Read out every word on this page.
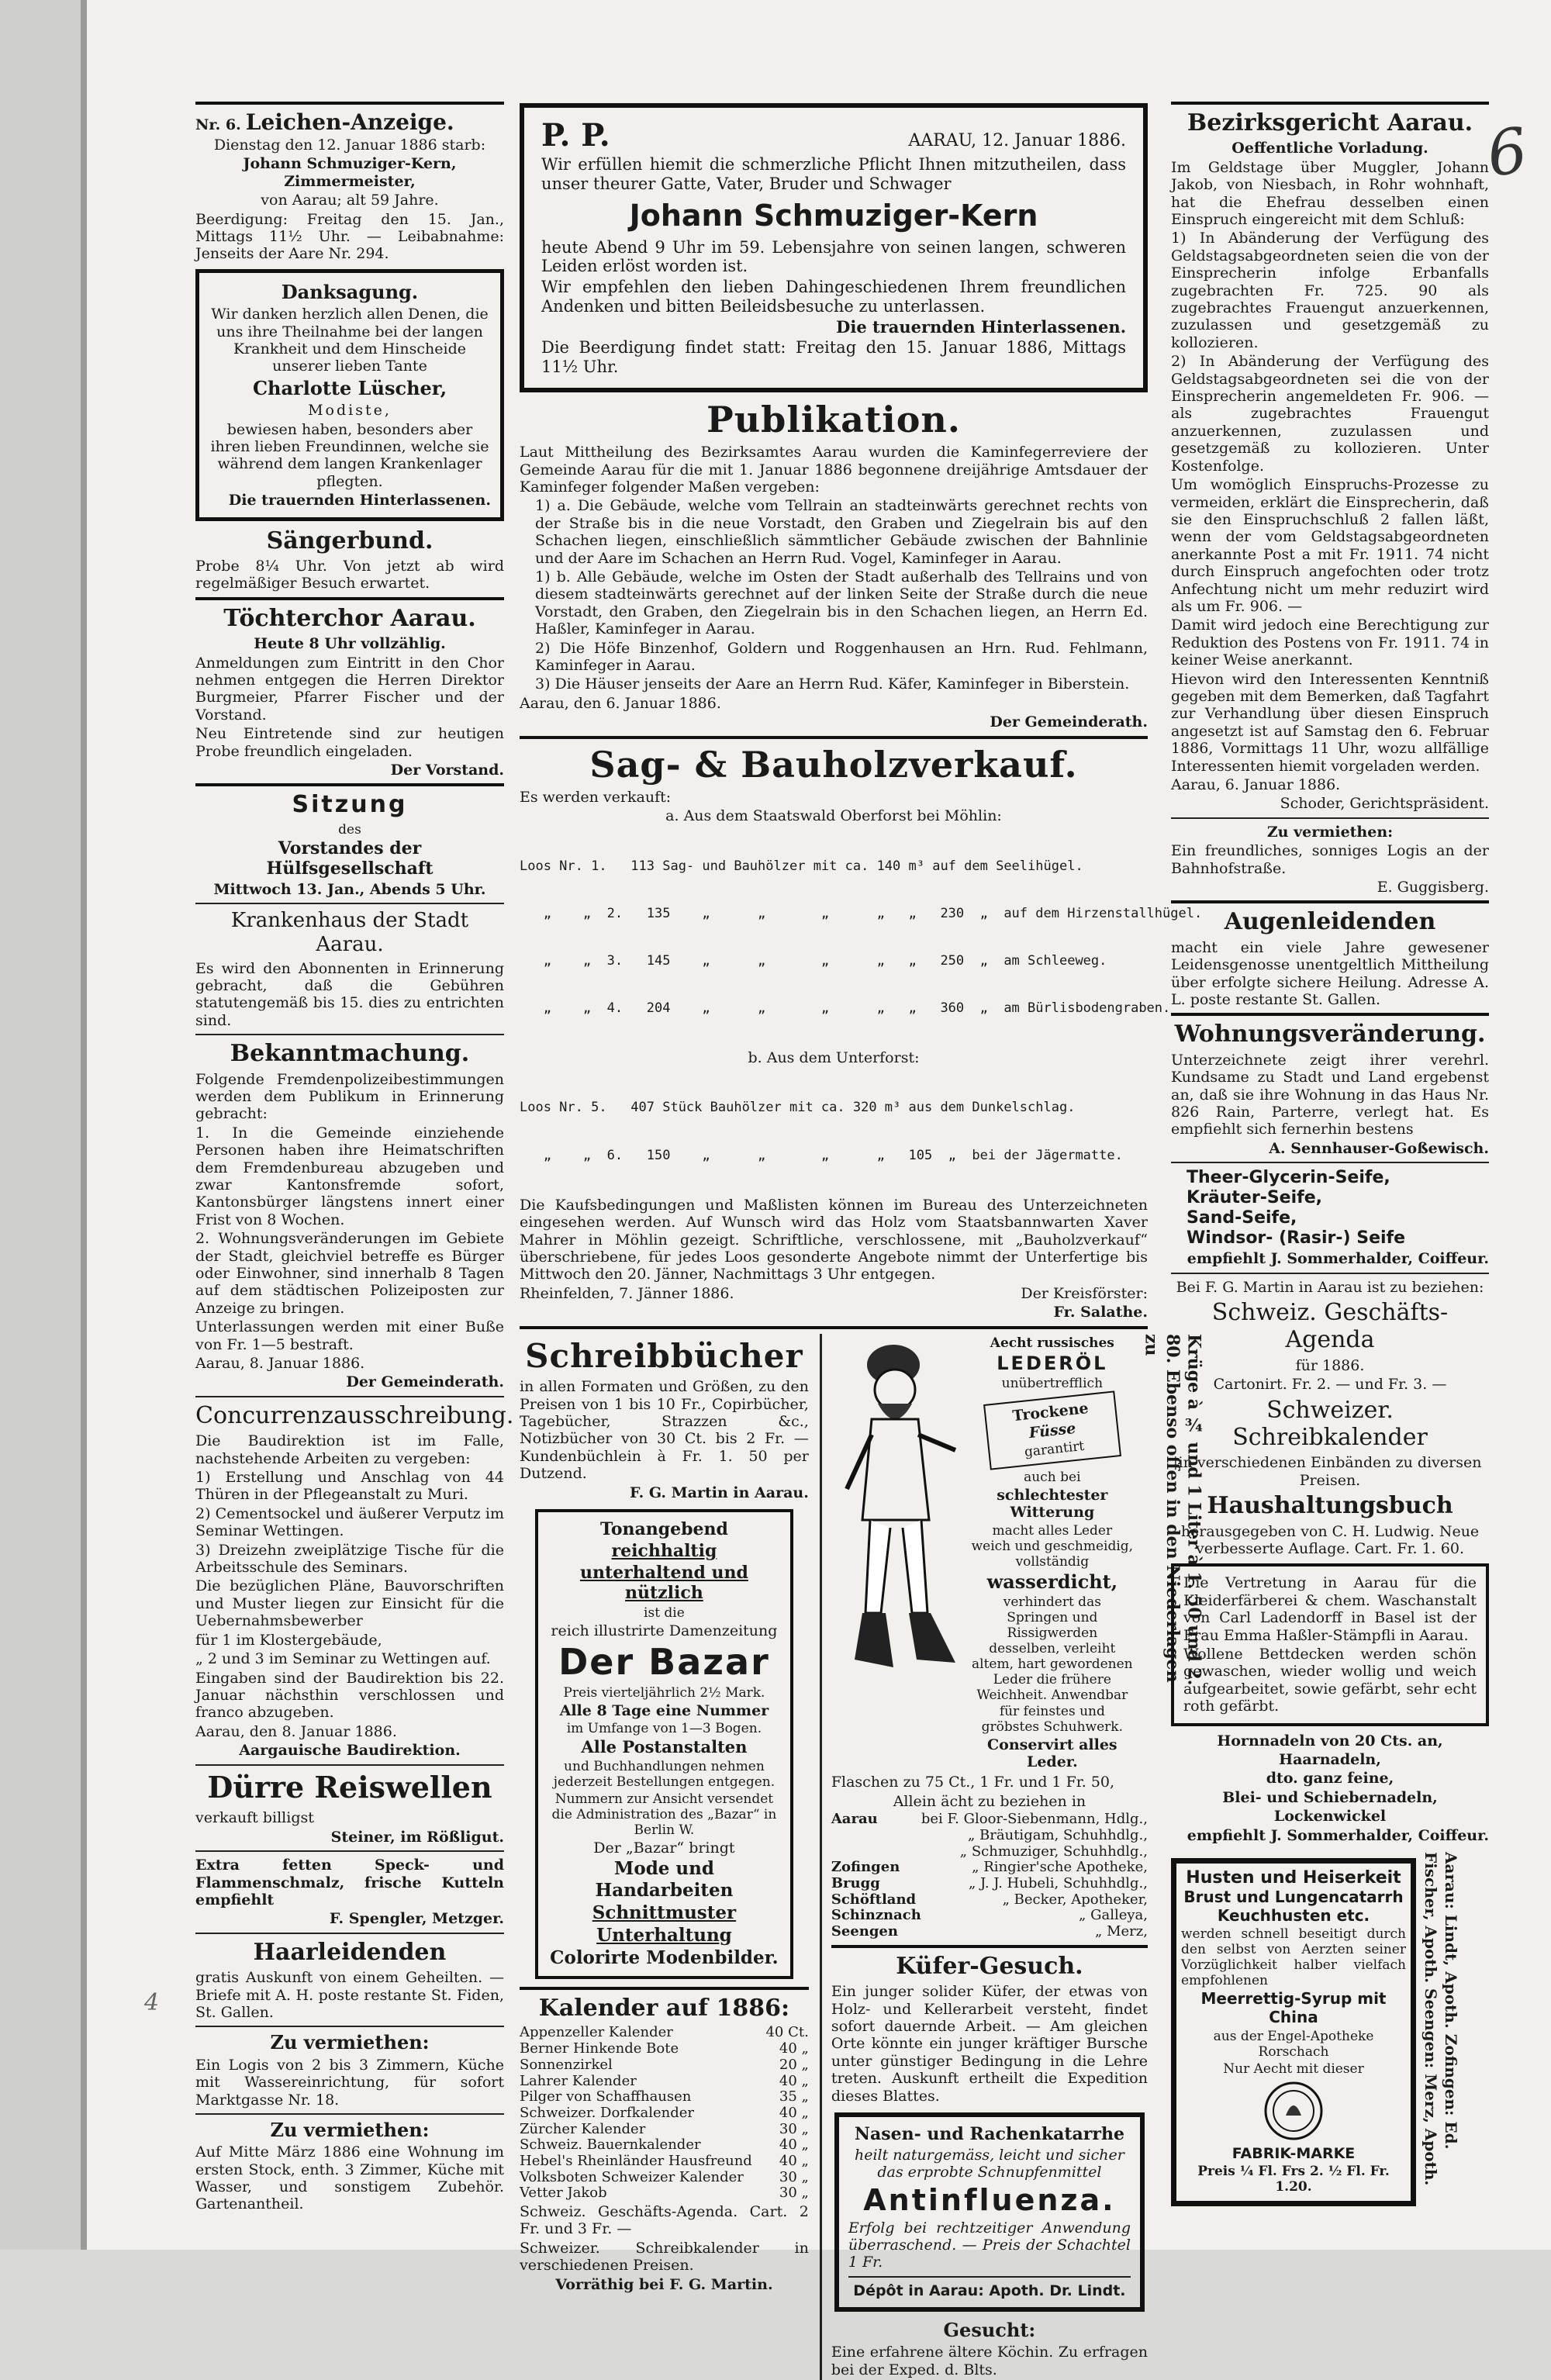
6
4

Nr. 6. Leichen-Anzeige.

Dienstag den 12. Januar 1886 starb:

Johann Schmuziger-Kern, Zimmermeister,

von Aarau; alt 59 Jahre.

Beerdigung: Freitag den 15. Jan., Mittags 11½ Uhr. — Leibabnahme: Jenseits der Aare Nr. 294.

Danksagung.

Wir danken herzlich allen Denen, die uns ihre Theilnahme bei der langen Krankheit und dem Hinscheide unserer lieben Tante

Charlotte Lüscher,

Modiste,

bewiesen haben, besonders aber ihren lieben Freundinnen, welche sie während dem langen Krankenlager pflegten.

Die trauernden Hinterlassenen.

Sängerbund.

Probe 8¼ Uhr. Von jetzt ab wird regelmäßiger Besuch erwartet.

Töchterchor Aarau.

Heute 8 Uhr vollzählig.

Anmeldungen zum Eintritt in den Chor nehmen entgegen die Herren Direktor Burgmeier, Pfarrer Fischer und der Vorstand.

Neu Eintretende sind zur heutigen Probe freundlich eingeladen.

Der Vorstand.

Sitzung

des

Vorstandes der Hülfsgesellschaft

Mittwoch 13. Jan., Abends 5 Uhr.

Krankenhaus der Stadt Aarau.

Es wird den Abonnenten in Erinnerung gebracht, daß die Gebühren statutengemäß bis 15. dies zu entrichten sind.

Bekanntmachung.

Folgende Fremdenpolizeibestimmungen werden dem Publikum in Erinnerung gebracht:

1. In die Gemeinde einziehende Personen haben ihre Heimatschriften dem Fremdenbureau abzugeben und zwar Kantonsfremde sofort, Kantonsbürger längstens innert einer Frist von 8 Wochen.

2. Wohnungsveränderungen im Gebiete der Stadt, gleichviel betreffe es Bürger oder Einwohner, sind innerhalb 8 Tagen auf dem städtischen Polizeiposten zur Anzeige zu bringen.

Unterlassungen werden mit einer Buße von Fr. 1—5 bestraft.

Aarau, 8. Januar 1886.

Der Gemeinderath.

Concurrenzausschreibung.

Die Baudirektion ist im Falle, nachstehende Arbeiten zu vergeben:

1) Erstellung und Anschlag von 44 Thüren in der Pflegeanstalt zu Muri.

2) Cementsockel und äußerer Verputz im Seminar Wettingen.

3) Dreizehn zweiplätzige Tische für die Arbeitsschule des Seminars.

Die bezüglichen Pläne, Bauvorschriften und Muster liegen zur Einsicht für die Uebernahmsbewerber

für 1 im Klostergebäude,

„ 2 und 3 im Seminar zu Wettingen auf.

Eingaben sind der Baudirektion bis 22. Januar nächsthin verschlossen und franco abzugeben.

Aarau, den 8. Januar 1886.

Aargauische Baudirektion.

Dürre Reiswellen

verkauft billigst

Steiner, im Rößligut.

Extra fetten Speck- und Flammenschmalz, frische Kutteln empfiehlt

F. Spengler, Metzger.

Haarleidenden

gratis Auskunft von einem Geheilten. — Briefe mit A. H. poste restante St. Fiden, St. Gallen.

Zu vermiethen:

Ein Logis von 2 bis 3 Zimmern, Küche mit Wassereinrichtung, für sofort Marktgasse Nr. 18.

Zu vermiethen:

Auf Mitte März 1886 eine Wohnung im ersten Stock, enth. 3 Zimmer, Küche mit Wasser, und sonstigem Zubehör. Gartenantheil.

P. P.	AARAU, 12. Januar 1886.

Wir erfüllen hiemit die schmerzliche Pflicht Ihnen mitzutheilen, dass unser theurer Gatte, Vater, Bruder und Schwager

Johann Schmuziger-Kern

heute Abend 9 Uhr im 59. Lebensjahre von seinen langen, schweren Leiden erlöst worden ist.

Wir empfehlen den lieben Dahingeschiedenen Ihrem freundlichen Andenken und bitten Beileidsbesuche zu unterlassen.

Die trauernden Hinterlassenen.

Die Beerdigung findet statt: Freitag den 15. Januar 1886, Mittags 11½ Uhr.

Publikation.

Laut Mittheilung des Bezirksamtes Aarau wurden die Kaminfegerreviere der Gemeinde Aarau für die mit 1. Januar 1886 begonnene dreijährige Amtsdauer der Kaminfeger folgender Maßen vergeben:

1) a. Die Gebäude, welche vom Tellrain an stadteinwärts gerechnet rechts von der Straße bis in die neue Vorstadt, den Graben und Ziegelrain bis auf den Schachen liegen, einschließlich sämmtlicher Gebäude zwischen der Bahnlinie und der Aare im Schachen an Herrn Rud. Vogel, Kaminfeger in Aarau.

1) b. Alle Gebäude, welche im Osten der Stadt außerhalb des Tellrains und von diesem stadteinwärts gerechnet auf der linken Seite der Straße durch die neue Vorstadt, den Graben, den Ziegelrain bis in den Schachen liegen, an Herrn Ed. Haßler, Kaminfeger in Aarau.

2) Die Höfe Binzenhof, Goldern und Roggenhausen an Hrn. Rud. Fehlmann, Kaminfeger in Aarau.

3) Die Häuser jenseits der Aare an Herrn Rud. Käfer, Kaminfeger in Biberstein.

Aarau, den 6. Januar 1886.

Der Gemeinderath.

Sag- & Bauholzverkauf.

Es werden verkauft:

a. Aus dem Staatswald Oberforst bei Möhlin:

Loos Nr. 1.   113 Sag- und Bauhölzer mit ca. 140 m³ auf dem Seelihügel.

„    „  2.   135    „      „       „      „   „   230  „  auf dem Hirzenstallhügel.

„    „  3.   145    „      „       „      „   „   250  „  am Schleeweg.

„    „  4.   204    „      „       „      „   „   360  „  am Bürlisbodengraben.

b. Aus dem Unterforst:

Loos Nr. 5.   407 Stück Bauhölzer mit ca. 320 m³ aus dem Dunkelschlag.

„    „  6.   150    „      „       „      „   105  „  bei der Jägermatte.

Die Kaufsbedingungen und Maßlisten können im Bureau des Unterzeichneten eingesehen werden. Auf Wunsch wird das Holz vom Staatsbannwarten Xaver Mahrer in Möhlin gezeigt. Schriftliche, verschlossene, mit „Bauholzverkauf“ überschriebene, für jedes Loos gesonderte Angebote nimmt der Unterfertige bis Mittwoch den 20. Jänner, Nachmittags 3 Uhr entgegen.

Rheinfelden, 7. Jänner 1886.	Der Kreisförster:

Fr. Salathe.

Schreibbücher

in allen Formaten und Größen, zu den Preisen von 1 bis 10 Fr., Copirbücher, Tagebücher, Strazzen &c., Notizbücher von 30 Ct. bis 2 Fr. — Kundenbüchlein à Fr. 1. 50 per Dutzend.

F. G. Martin in Aarau.

Tonangebend

reichhaltig

unterhaltend und nützlich

ist die

reich illustrirte Damenzeitung

Der Bazar

Preis vierteljährlich 2½ Mark.

Alle 8 Tage eine Nummer

im Umfange von 1—3 Bogen.

Alle Postanstalten

und Buchhandlungen nehmen jederzeit Bestellungen entgegen.

Nummern zur Ansicht versendet die Administration des „Bazar“ in Berlin W.

Der „Bazar“ bringt

Mode und Handarbeiten

Schnittmuster

Unterhaltung

Colorirte Modenbilder.

Kalender auf 1886:
Appenzeller Kalender	40 Ct.
Berner Hinkende Bote	40 „
Sonnenzirkel	20 „
Lahrer Kalender	40 „
Pilger von Schaffhausen	35 „
Schweizer. Dorfkalender	40 „
Zürcher Kalender	30 „
Schweiz. Bauernkalender	40 „
Hebel's Rheinländer Hausfreund 40 „
Volksboten Schweizer Kalender	30 „
Vetter Jakob	30 „

Schweiz. Geschäfts-Agenda. Cart. 2 Fr. und 3 Fr. —

Schweizer. Schreibkalender in verschiedenen Preisen.

Vorräthig bei F. G. Martin.

Aecht russisches

LEDERÖL

unübertrefflich

Trockene

Füsse

garantirt

auch bei

schlechtester Witterung

macht alles Leder weich und geschmeidig, vollständig

wasserdicht,

verhindert das Springen und Rissigwerden desselben, verleiht altem, hart gewordenen Leder die frühere Weichheit. Anwendbar für feinstes und gröbstes Schuhwerk.

Conservirt alles Leder.

Krüge à ¾ und 1 Liter à 1. 50 und 2. 80. Ebenso offen in den Niederlagen zu

Flaschen zu 75 Ct., 1 Fr. und 1 Fr. 50,

Allein ächt zu beziehen in

Aarau	bei F. Gloor-Siebenmann, Hdlg.,
„ Bräutigam, Schuhhdlg.,
„ Schmuziger, Schuhhdlg.,
Zofingen	„ Ringier'sche Apotheke,
Brugg	„ J. J. Hubeli, Schuhhdlg.,
Schöftland	„ Becker, Apotheker,
Schinznach	„ Galleya,
Seengen	„ Merz,
Küfer-Gesuch.

Ein junger solider Küfer, der etwas von Holz- und Kellerarbeit versteht, findet sofort dauernde Arbeit. — Am gleichen Orte könnte ein junger kräftiger Bursche unter günstiger Bedingung in die Lehre treten. Auskunft ertheilt die Expedition dieses Blattes.

Nasen- und Rachenkatarrhe

heilt naturgemäss, leicht und sicher das erprobte Schnupfenmittel

Antinfluenza.

Erfolg bei rechtzeitiger Anwendung überraschend. — Preis der Schachtel 1 Fr.

Dépôt in Aarau: Apoth. Dr. Lindt.

Gesucht:

Eine erfahrene ältere Köchin. Zu erfragen bei der Exped. d. Blts.

Bezirksgericht Aarau.

Oeffentliche Vorladung.

Im Geldstage über Muggler, Johann Jakob, von Niesbach, in Rohr wohnhaft, hat die Ehefrau desselben einen Einspruch eingereicht mit dem Schluß:

1) In Abänderung der Verfügung des Geldstagsabgeordneten seien die von der Einsprecherin infolge Erbanfalls zugebrachten Fr. 725. 90 als zugebrachtes Frauengut anzuerkennen, zuzulassen und gesetzgemäß zu kollozieren.

2) In Abänderung der Verfügung des Geldstagsabgeordneten sei die von der Einsprecherin angemeldeten Fr. 906. — als zugebrachtes Frauengut anzuerkennen, zuzulassen und gesetzgemäß zu kollozieren. Unter Kostenfolge.

Um womöglich Einspruchs-Prozesse zu vermeiden, erklärt die Einsprecherin, daß sie den Einspruchschluß 2 fallen läßt, wenn der vom Geldstagsabgeordneten anerkannte Post a mit Fr. 1911. 74 nicht durch Einspruch angefochten oder trotz Anfechtung nicht um mehr reduzirt wird als um Fr. 906. —

Damit wird jedoch eine Berechtigung zur Reduktion des Postens von Fr. 1911. 74 in keiner Weise anerkannt.

Hievon wird den Interessenten Kenntniß gegeben mit dem Bemerken, daß Tagfahrt zur Verhandlung über diesen Einspruch angesetzt ist auf Samstag den 6. Februar 1886, Vormittags 11 Uhr, wozu allfällige Interessenten hiemit vorgeladen werden.

Aarau, 6. Januar 1886.

Schoder, Gerichtspräsident.

Zu vermiethen:

Ein freundliches, sonniges Logis an der Bahnhofstraße.

E. Guggisberg.

Augenleidenden

macht ein viele Jahre gewesener Leidensgenosse unentgeltlich Mittheilung über erfolgte sichere Heilung. Adresse A. L. poste restante St. Gallen.

Wohnungsveränderung.

Unterzeichnete zeigt ihrer verehrl. Kundsame zu Stadt und Land ergebenst an, daß sie ihre Wohnung in das Haus Nr. 826 Rain, Parterre, verlegt hat. Es empfiehlt sich fernerhin bestens

A. Sennhauser-Goßewisch.

Theer-Glycerin-Seife,
Kräuter-Seife,
Sand-Seife,
Windsor- (Rasir-) Seife

empfiehlt J. Sommerhalder, Coiffeur.

Bei F. G. Martin in Aarau ist zu beziehen:

Schweiz. Geschäfts-Agenda

für 1886.

Cartonirt. Fr. 2. — und Fr. 3. —

Schweizer. Schreibkalender

in verschiedenen Einbänden zu diversen Preisen.

Haushaltungsbuch

herausgegeben von C. H. Ludwig. Neue verbesserte Auflage. Cart. Fr. 1. 60.

Die Vertretung in Aarau für die Kleiderfärberei & chem. Waschanstalt von Carl Ladendorff in Basel ist der Frau Emma Haßler-Stämpfli in Aarau.

Wollene Bettdecken werden schön gewaschen, wieder wollig und weich aufgearbeitet, sowie gefärbt, sehr echt roth gefärbt.

Hornnadeln von 20 Cts. an,

Haarnadeln,

dto. ganz feine,

Blei- und Schiebernadeln,

Lockenwickel

empfiehlt J. Sommerhalder, Coiffeur.

Husten und Heiserkeit
Brust und Lungencatarrh
Keuchhusten etc.

werden schnell beseitigt durch den selbst von Aerzten seiner Vorzüglichkeit halber vielfach empfohlenen

Meerrettig-Syrup mit China

aus der Engel-Apotheke Rorschach

Nur Aecht mit dieser

FABRIK-MARKE

Preis ¼ Fl. Frs 2. ½ Fl. Fr. 1.20.

Aarau: Lindt, Apoth. Zofingen: Ed. Fischer, Apoth. Seengen: Merz, Apoth.
